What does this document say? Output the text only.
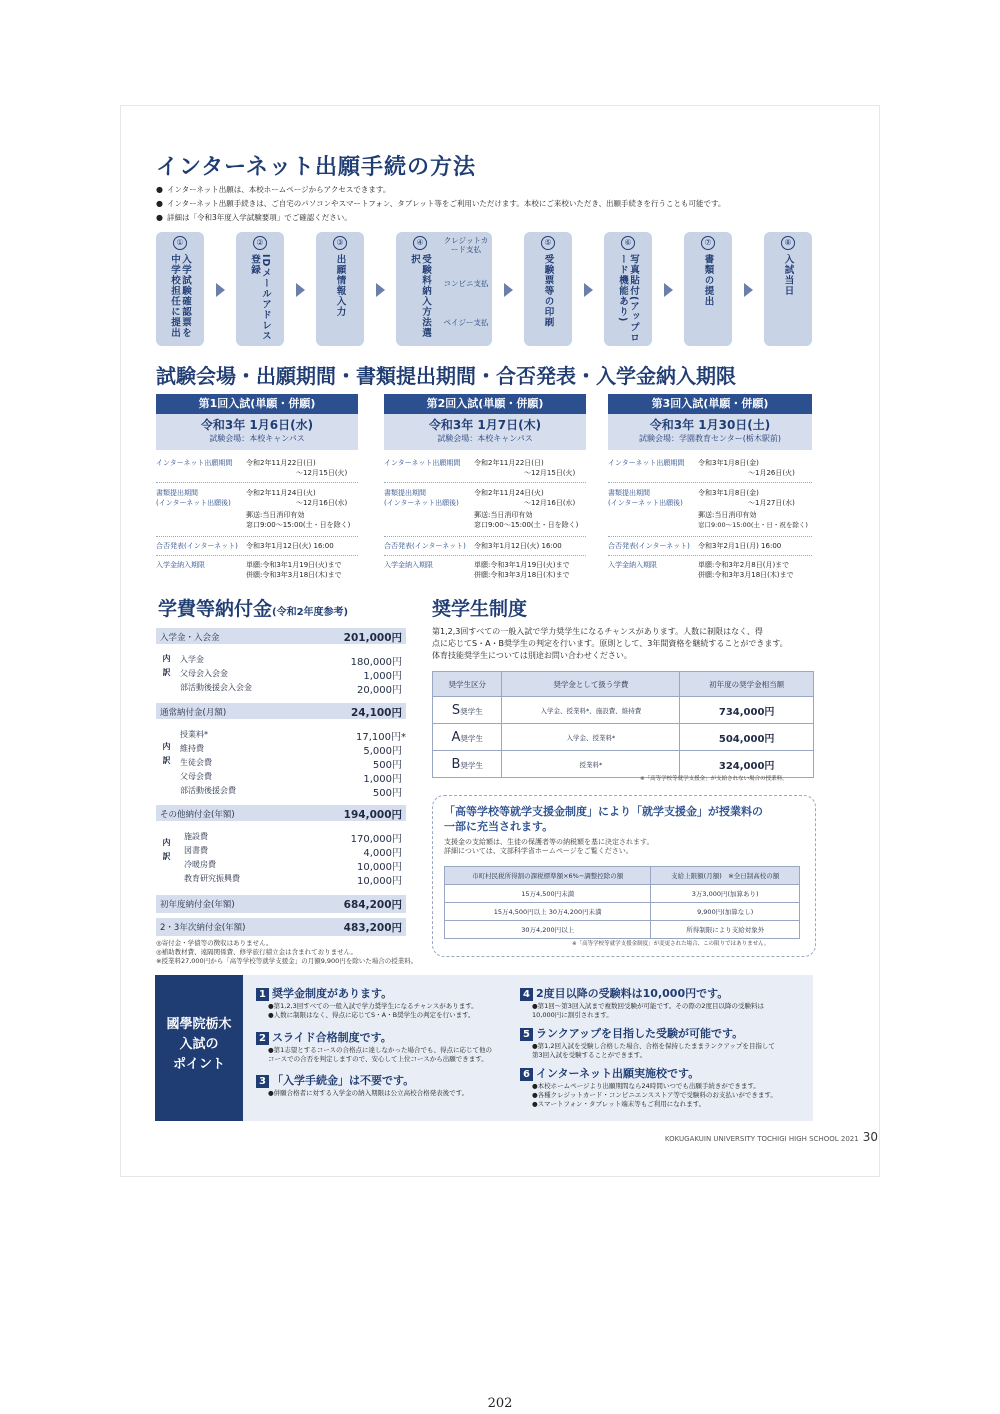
インターネット出願手続の方法
● インターネット出願は、本校ホームページからアクセスできます。
● インターネット出願手続きは、ご自宅のパソコンやスマートフォン、タブレット等をご利用いただけます。本校にご来校いただき、出願手続きを行うことも可能です。
● 詳細は「令和3年度入学試験要項」でご確認ください。
①
入学試験確認票を中学校担任に提出
②
IDメールアドレス登録
③
出願情報入力
④
受験料納入方法選択
クレジットカード支払
コンビニ支払
ペイジー支払
⑤
受験票等の印刷
⑥
写真貼付(アップロード機能あり)
⑦
書類の提出
⑧
入試当日
試験会場・出願期間・書類提出期間・合否発表・入学金納入期限
第1回入試(単願・併願)
令和3年 1月6日(水)
試験会場：本校キャンパス
インターネット出願期間 令和2年11月22日(日)
〜12月15日(火)
書類提出期間
(インターネット出願後)
令和2年11月24日(火)
〜12月16日(水)
郵送:当日消印有効
窓口9:00〜15:00(土・日を除く)
合否発表(インターネット) 令和3年1月12日(火) 16:00
入学金納入期限	単願:令和3年1月19日(火)まで
併願:令和3年3月18日(木)まで
第2回入試(単願・併願)
令和3年 1月7日(木)
試験会場：本校キャンパス
インターネット出願期間 令和2年11月22日(日)
〜12月15日(火)
書類提出期間
(インターネット出願後)
令和2年11月24日(火)
〜12月16日(水)
郵送:当日消印有効
窓口9:00〜15:00(土・日を除く)
合否発表(インターネット) 令和3年1月12日(火) 16:00
入学金納入期限	単願:令和3年1月19日(火)まで
併願:令和3年3月18日(木)まで
第3回入試(単願・併願)
令和3年 1月30日(土)
試験会場：学園教育センター(栃木駅前)
インターネット出願期間 令和3年1月8日(金)
〜1月26日(火)
書類提出期間
(インターネット出願後)
令和3年1月8日(金)
〜1月27日(水)
郵送:当日消印有効
窓口9:00〜15:00(土・日・祝を除く)
合否発表(インターネット) 令和3年2月1日(月) 16:00
入学金納入期限	単願:令和3年2月8日(月)まで
併願:令和3年3月18日(木)まで
学費等納付金(令和2年度参考)
入学金・入会金	201,000円
内訳 入学金	180,000円
父母会入会金	1,000円
部活動後援会入会金	20,000円
通常納付金(月額)	24,100円
内訳
授業料*	17,100円*
維持費	5,000円
生徒会費	500円
父母会費	1,000円
部活動後援会費	500円
その他納付金(年額)	194,000円
内訳
施設費	170,000円
図書費	4,000円
冷暖房費	10,000円
教育研究振興費	10,000円
初年度納付金(年額)	684,200円
2・3年次納付金(年額)	483,200円
◎寄付金・学債等の徴収はありません。
◎補助教材費、遠隔関係費、修学旅行積立金は含まれておりません。
※授業料27,000円から「高等学校等就学支援金」の月額9,900円を除いた場合の授業料。
奨学生制度
第1,2,3回すべての一般入試で学力奨学生になるチャンスがあります。人数に制限はなく、得
点に応じてS・A・B奨学生の判定を行います。原則として、3年間資格を継続することができます。
体育技能奨学生については別途お問い合わせください。
奨学生区分	奨学金として扱う学費	初年度の奨学金相当額
S奨学生	入学金、授業料*、施設費、維持費	734,000円
A奨学生	入学金、授業料*	504,000円
B奨学生	授業料*	324,000円
※「高等学校等就学支援金」が支給されない場合の授業料。
「高等学校等就学支援金制度」により「就学支援金」が授業料の
一部に充当されます。
支援金の支給額は、生徒の保護者等の納税額を基に決定されます。
詳細については、文部科学省ホームページをご覧ください。
市町村民税所得割の課税標準額×6%−調整控除の額	支給上限額(月額)　※全日制高校の額
15万4,500円未満	3万3,000円(加算あり)
15万4,500円以上 30万4,200円未満	9,900円(加算なし)
30万4,200円以上	所得制限により支給対象外
※「高等学校等就学支援金制度」が変更された場合、この限りではありません。
國學院栃木
入試の
ポイント
1 奨学金制度があります。
●第1,2,3回すべての一般入試で学力奨学生になるチャンスがあります。
●人数に制限はなく、得点に応じてS・A・B奨学生の判定を行います。
2 スライド合格制度です。
●第1志望とするコースの合格点に達しなかった場合でも、得点に応じて他の
コースでの合否を判定しますので、安心して上位コースから出願できます。
3 「入学手続金」は不要です。
●併願合格者に対する入学金の納入期限は公立高校合格発表後です。
4 2度目以降の受験料は10,000円です。
●第1回〜第3回入試まで複数回受験が可能です。その際の2度目以降の受験料は
10,000円に割引されます。
5 ランクアップを目指した受験が可能です。
●第1,2回入試を受験し合格した場合、合格を保持したままランクアップを目指して
第3回入試を受験することができます。
6 インターネット出願実施校です。
●本校ホームページより出願期間なら24時間いつでも出願手続きができます。
●各種クレジットカード・コンビニエンスストア等で受験料のお支払いができます。
●スマートフォン・タブレット端末等もご利用になれます。
KOKUGAKUIN UNIVERSITY TOCHIGI HIGH SCHOOL 2021 30
202
